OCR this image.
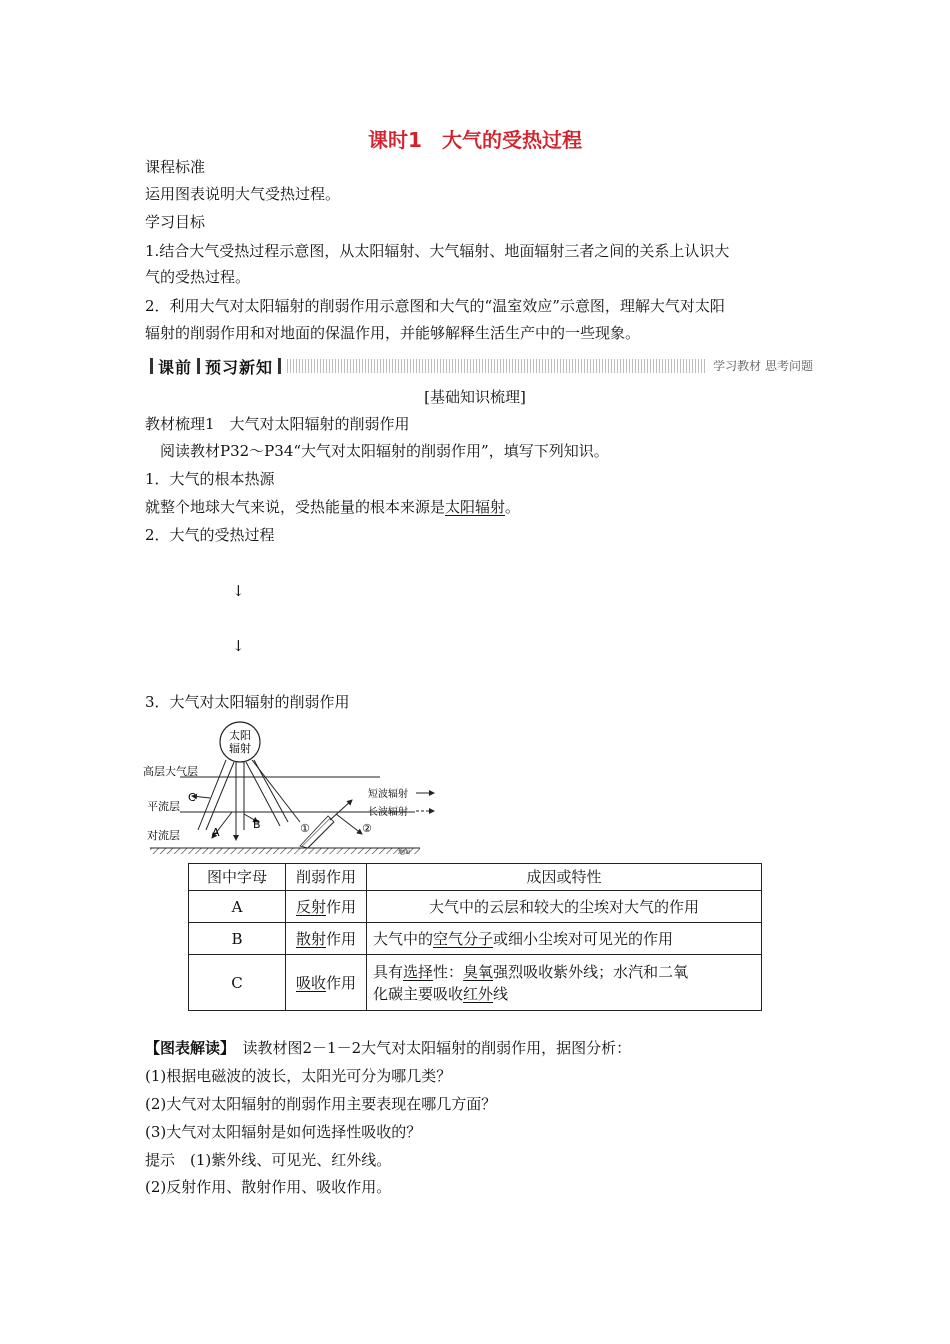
课时1　大气的受热过程
课程标准
运用图表说明大气受热过程。
学习目标
1.结合大气受热过程示意图，从太阳辐射、大气辐射、地面辐射三者之间的关系上认识大
气的受热过程。
2．利用大气对太阳辐射的削弱作用示意图和大气的“温室效应”示意图，理解大气对太阳
辐射的削弱作用和对地面的保温作用，并能够解释生活生产中的一些现象。
课前 预习新知	学习教材 思考问题
[基础知识梳理]
教材梳理1　大气对太阳辐射的削弱作用
阅读教材P32～P34“大气对太阳辐射的削弱作用”，填写下列知识。
1．大气的根本热源
就整个地球大气来说，受热能量的根本来源是太阳辐射。
2．大气的受热过程
↓
↓
3．大气对太阳辐射的削弱作用
太阳
辐射
高层大气层
平流层
对流层
C
A
B	①	②
短波辐射
长波辐射
地面
图中字母	削弱作用	成因或特性
A	反射作用	大气中的云层和较大的尘埃对大气的作用
B	散射作用	大气中的空气分子或细小尘埃对可见光的作用
C	吸收作用	具有选择性：臭氧强烈吸收紫外线；水汽和二氧
化碳主要吸收红外线
【图表解读】　读教材图2－1－2大气对太阳辐射的削弱作用，据图分析：
(1)根据电磁波的波长，太阳光可分为哪几类？
(2)大气对太阳辐射的削弱作用主要表现在哪几方面？
(3)大气对太阳辐射是如何选择性吸收的？
提示　(1)紫外线、可见光、红外线。
(2)反射作用、散射作用、吸收作用。
